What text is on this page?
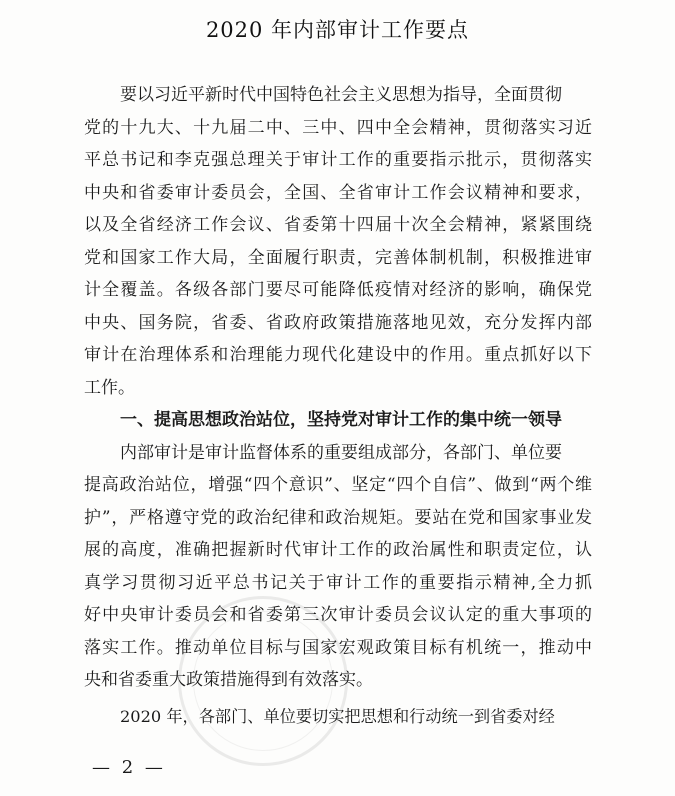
2020 年内部审计工作要点
要以习近平新时代中国特色社会主义思想为指导，全面贯彻
党的十九大、十九届二中、三中、四中全会精神，贯彻落实习近
平总书记和李克强总理关于审计工作的重要指示批示，贯彻落实
中央和省委审计委员会，全国、全省审计工作会议精神和要求，
以及全省经济工作会议、省委第十四届十次全会精神，紧紧围绕
党和国家工作大局，全面履行职责，完善体制机制，积极推进审
计全覆盖。各级各部门要尽可能降低疫情对经济的影响，确保党
中央、国务院，省委、省政府政策措施落地见效，充分发挥内部
审计在治理体系和治理能力现代化建设中的作用。重点抓好以下
工作。
一、提高思想政治站位，坚持党对审计工作的集中统一领导
内部审计是审计监督体系的重要组成部分，各部门、单位要
提高政治站位，增强“四个意识”、坚定“四个自信”、做到“两个维
护”，严格遵守党的政治纪律和政治规矩。要站在党和国家事业发
展的高度，准确把握新时代审计工作的政治属性和职责定位，认
真学习贯彻习近平总书记关于审计工作的重要指示精神,全力抓
好中央审计委员会和省委第三次审计委员会议认定的重大事项的
落实工作。推动单位目标与国家宏观政策目标有机统一，推动中
央和省委重大政策措施得到有效落实。
2020 年，各部门、单位要切实把思想和行动统一到省委对经
— 2 —
